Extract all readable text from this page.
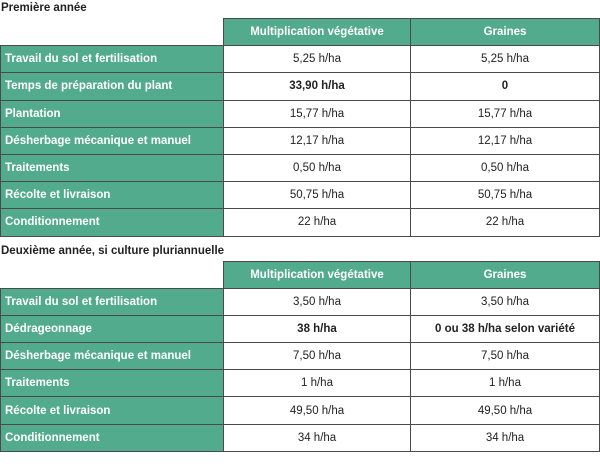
Première année
	Multiplication végétative	Graines
Travail du sol et fertilisation	5,25 h/ha	5,25 h/ha
Temps de préparation du plant	33,90 h/ha	0
Plantation	15,77 h/ha	15,77 h/ha
Désherbage mécanique et manuel	12,17 h/ha	12,17 h/ha
Traitements	0,50 h/ha	0,50 h/ha
Récolte et livraison	50,75 h/ha	50,75 h/ha
Conditionnement	22 h/ha	22 h/ha
Deuxième année, si culture pluriannuelle
	Multiplication végétative	Graines
Travail du sol et fertilisation	3,50 h/ha	3,50 h/ha
Dédrageonnage	38 h/ha	0 ou 38 h/ha selon variété
Désherbage mécanique et manuel	7,50 h/ha	7,50 h/ha
Traitements	1 h/ha	1 h/ha
Récolte et livraison	49,50 h/ha	49,50 h/ha
Conditionnement	34 h/ha	34 h/ha
